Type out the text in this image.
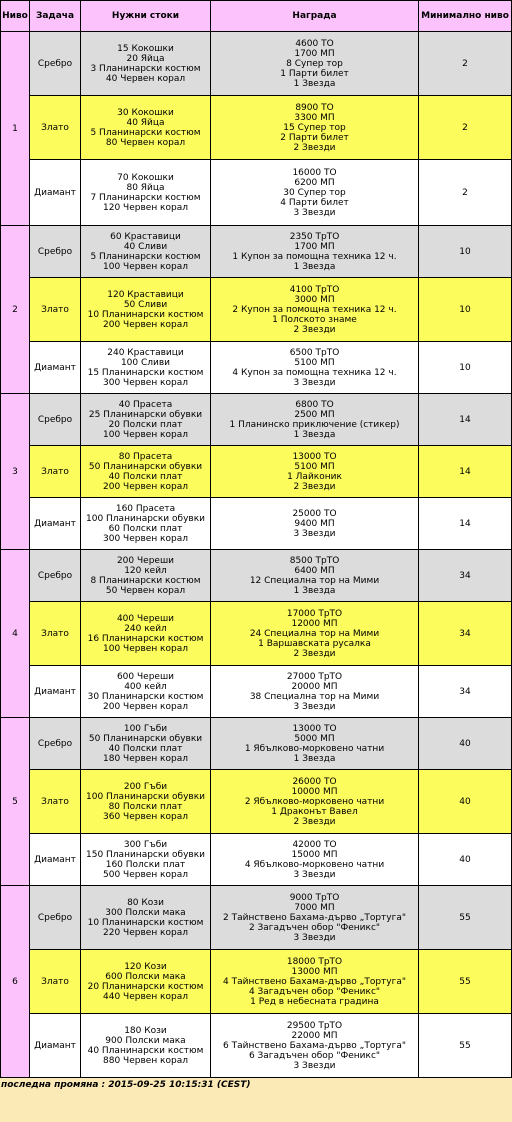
Ниво	Задача	Нужни стоки	Награда	Минимално ниво
1	Сребро	15 Кокошки
20 Яйца
3 Планинарски костюм
40 Червен корал	4600 ТО
1700 МП
8 Супер тор
1 Парти билет
1 Звезда	2
	Злато	30 Кокошки
40 Яйца
5 Планинарски костюм
80 Червен корал	8900 ТО
3300 МП
15 Супер тор
2 Парти билет
2 Звезди	2
	Диамант	70 Кокошки
80 Яйца
7 Планинарски костюм
120 Червен корал	16000 ТО
6200 МП
30 Супер тор
4 Парти билет
3 Звезди	2
2	Сребро	60 Краставици
40 Сливи
5 Планинарски костюм
100 Червен корал	2350 ТрТО
1700 МП
1 Купон за помощна техника 12 ч.
1 Звезда	10
	Злато	120 Краставици
50 Сливи
10 Планинарски костюм
200 Червен корал	4100 ТрТО
3000 МП
2 Купон за помощна техника 12 ч.
1 Полското знаме
2 Звезди	10
	Диамант	240 Краставици
100 Сливи
15 Планинарски костюм
300 Червен корал	6500 ТрТО
5100 МП
4 Купон за помощна техника 12 ч.
3 Звезди	10
3	Сребро	40 Прасета
25 Планинарски обувки
20 Полски плат
100 Червен корал	6800 ТО
2500 МП
1 Планинско приключение (стикер)
1 Звезда	14
	Злато	80 Прасета
50 Планинарски обувки
40 Полски плат
200 Червен корал	13000 ТО
5100 МП
1 Лайконик
2 Звезди	14
	Диамант	160 Прасета
100 Планинарски обувки
60 Полски плат
300 Червен корал	25000 ТО
9400 МП
3 Звезди	14
4	Сребро	200 Череши
120 кейл
8 Планинарски костюм
50 Червен корал	8500 ТрТО
6400 МП
12 Специална тор на Мими
1 Звезда	34
	Злато	400 Череши
240 кейл
16 Планинарски костюм
100 Червен корал	17000 ТрТО
12000 МП
24 Специална тор на Мими
1 Варшавската русалка
2 Звезди	34
	Диамант	600 Череши
400 кейл
30 Планинарски костюм
200 Червен корал	27000 ТрТО
20000 МП
38 Специална тор на Мими
3 Звезди	34
5	Сребро	100 Гъби
50 Планинарски обувки
40 Полски плат
180 Червен корал	13000 ТО
5000 МП
1 Ябълково-морковено чатни
1 Звезда	40
	Злато	200 Гъби
100 Планинарски обувки
80 Полски плат
360 Червен корал	26000 ТО
10000 МП
2 Ябълково-морковено чатни
1 Драконът Вавел
2 Звезди	40
	Диамант	300 Гъби
150 Планинарски обувки
160 Полски плат
500 Червен корал	42000 ТО
15000 МП
4 Ябълково-морковено чатни
3 Звезди	40
6	Сребро	80 Кози
300 Полски мака
10 Планинарски костюм
220 Червен корал	9000 ТрТО
7000 МП
2 Тайнствено Бахама-дърво „Тортуга"
2 Загадъчен обор "Феникс"
3 Звезди	55
	Злато	120 Кози
600 Полски мака
20 Планинарски костюм
440 Червен корал	18000 ТрТО
13000 МП
4 Тайнствено Бахама-дърво „Тортуга"
4 Загадъчен обор "Феникс"
1 Ред в небесната градина	55
	Диамант	180 Кози
900 Полски мака
40 Планинарски костюм
880 Червен корал	29500 ТрТО
22000 МП
6 Тайнствено Бахама-дърво „Тортуга"
6 Загадъчен обор "Феникс"
3 Звезди	55
последна промяна : 2015-09-25 10:15:31 (CEST)
